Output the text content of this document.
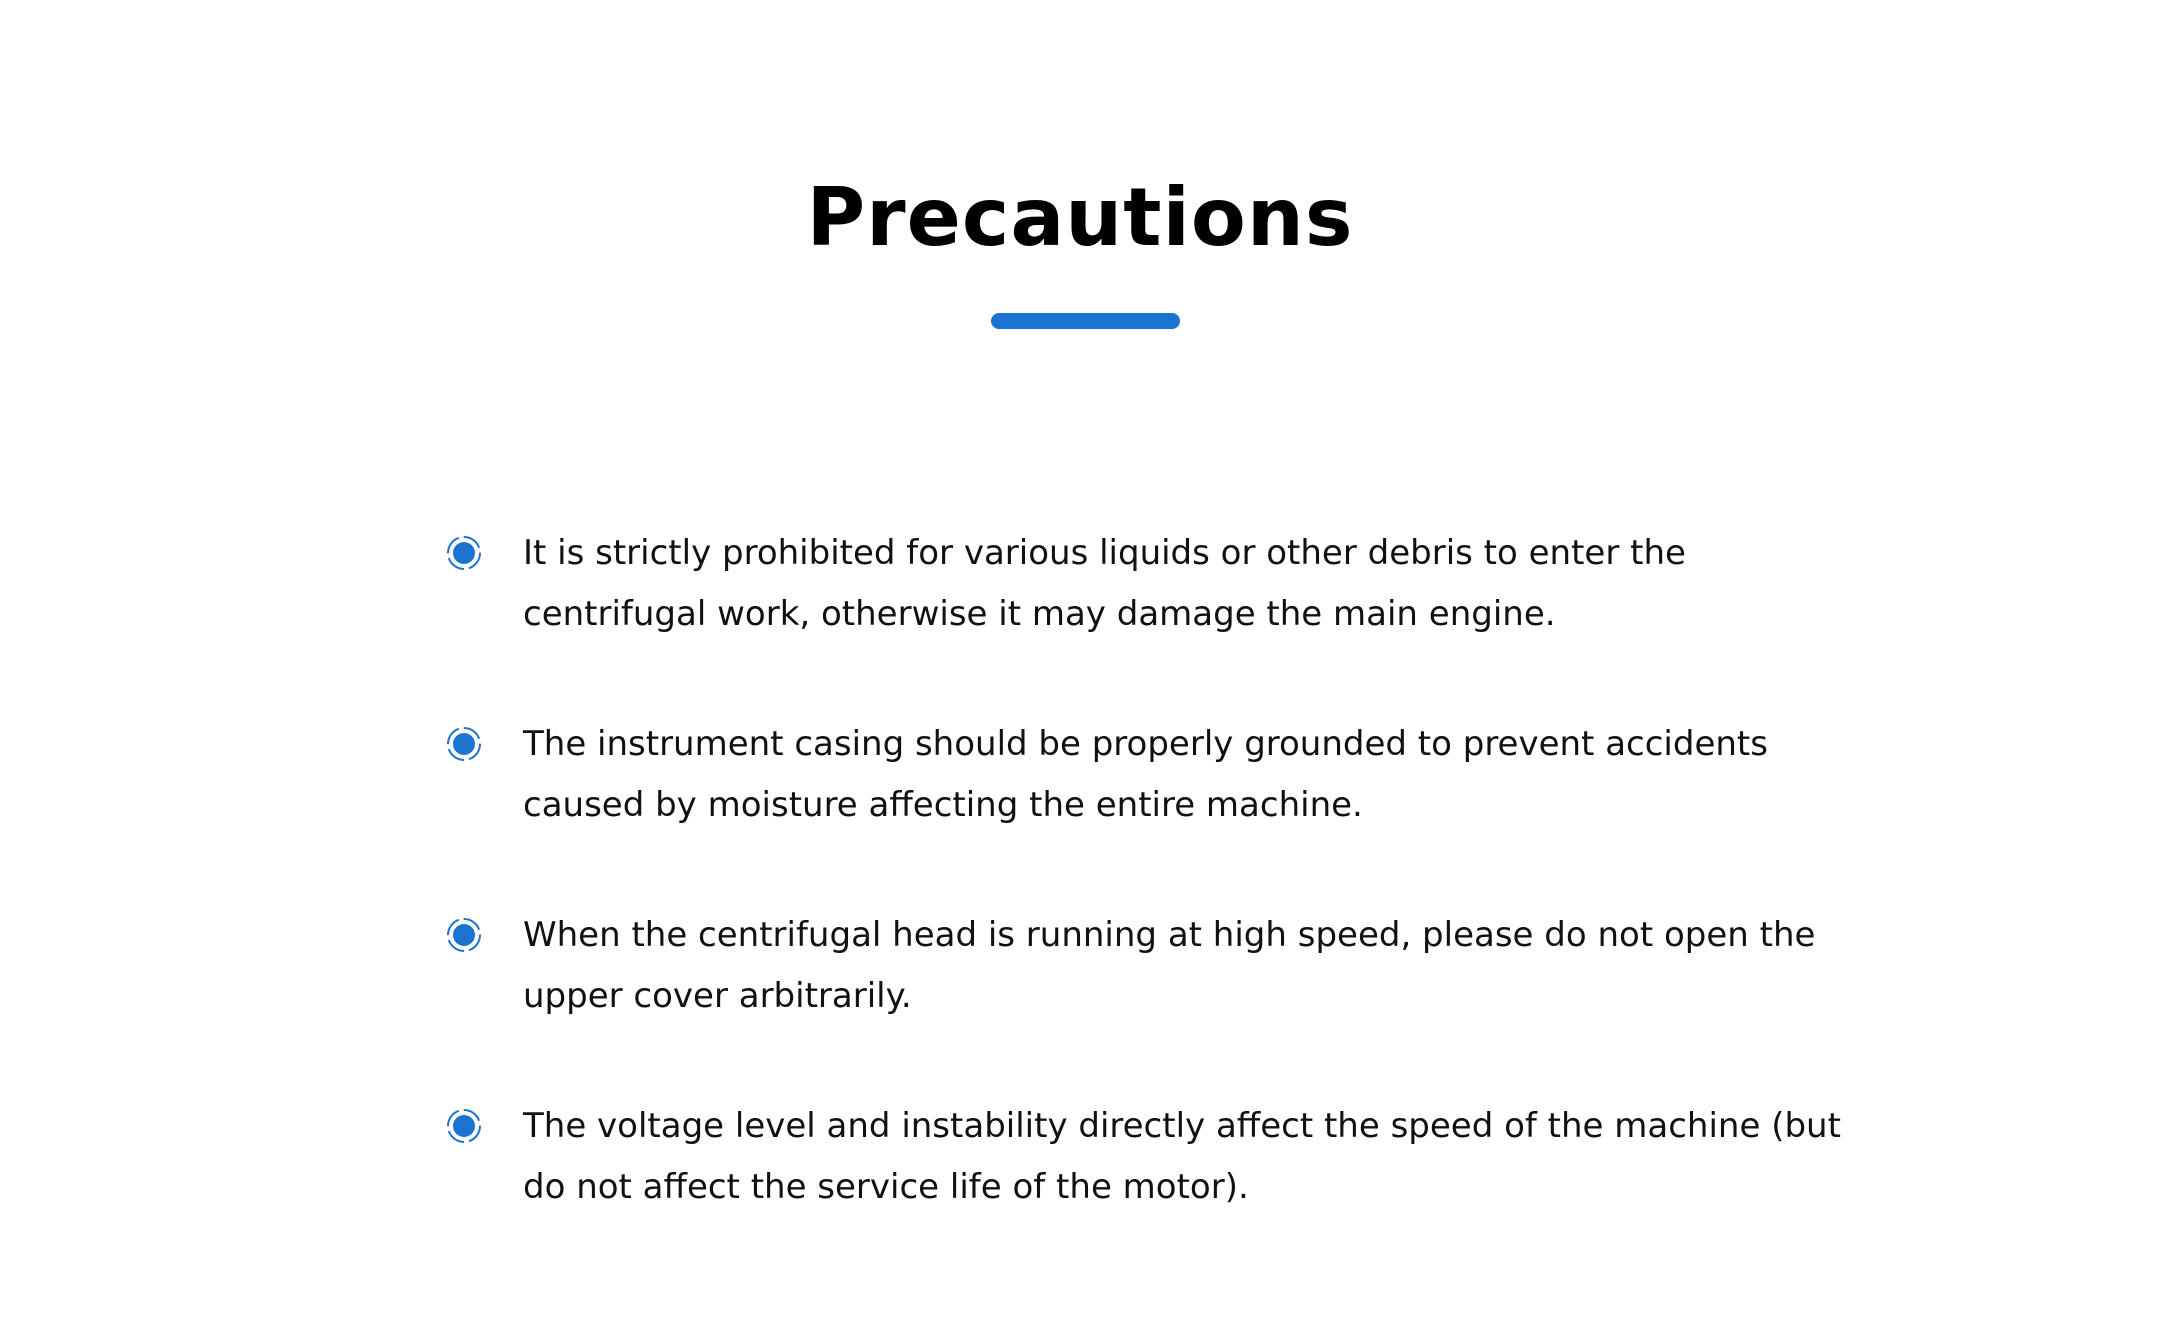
Precautions

It is strictly prohibited for various liquids or other debris to enter the centrifugal work, otherwise it may damage the main engine.

The instrument casing should be properly grounded to prevent accidents caused by moisture affecting the entire machine.

When the centrifugal head is running at high speed, please do not open the upper cover arbitrarily.

The voltage level and instability directly affect the speed of the machine (but do not affect the service life of the motor).
